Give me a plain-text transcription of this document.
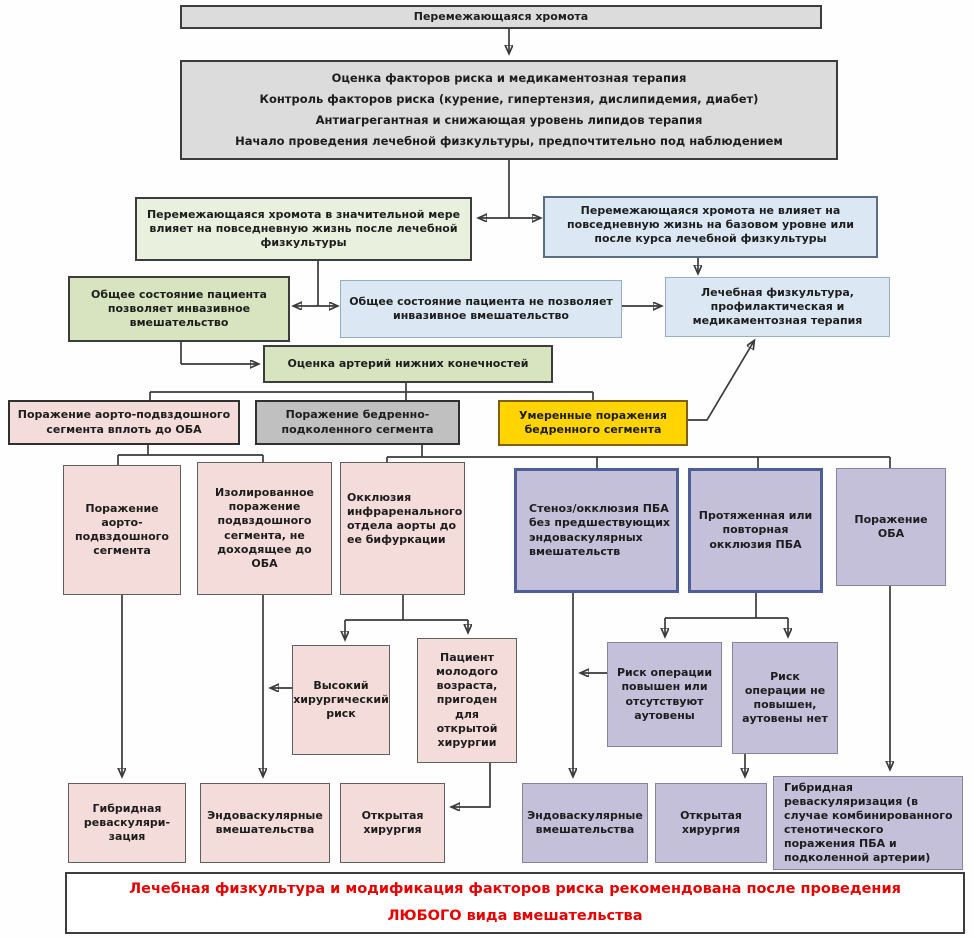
Перемежающаяся хромота
Оценка факторов риска и медикаментозная терапия
Контроль факторов риска (курение, гипертензия, дислипидемия, диабет)
Антиагрегантная и снижающая уровень липидов терапия
Начало проведения лечебной физкультуры, предпочтительно под наблюдением
Перемежающаяся хромота в значительной мере влияет на повседневную жизнь после лечебной физкультуры
Перемежающаяся хромота не влияет на повседневную жизнь на базовом уровне или после курса лечебной физкультуры
Общее состояние пациента позволяет инвазивное вмешательство
Общее состояние пациента не позволяет инвазивное вмешательство
Лечебная физкультура, профилактическая и медикаментозная терапия
Оценка артерий нижних конечностей
Поражение аорто-подвздошного сегмента вплоть до ОБА
Поражение бедренно-подколенного сегмента
Умеренные поражения бедренного сегмента
Поражение аорто-подвздошного сегмента
Изолированное поражение подвздошного сегмента, не доходящее до ОБА
Окклюзия инфраренального отдела аорты до ее бифуркации
Стеноз/окклюзия ПБА без предшествующих эндоваскулярных вмешательств
Протяженная или повторная окклюзия ПБА
Поражение ОБА
Высокий хирургический риск
Пациент молодого возраста, пригоден для открытой хирургии
Риск операции повышен или отсутствуют аутовены
Риск операции не повышен, аутовены нет
Гибридная реваскуляри-зация
Эндоваскулярные вмешательства
Открытая хирургия
Эндоваскулярные вмешательства
Открытая хирургия
Гибридная реваскуляризация (в случае комбинированного стенотического поражения ПБА и подколенной артерии)
Лечебная физкультура и модификация факторов риска рекомендована после проведения ЛЮБОГО вида вмешательства
